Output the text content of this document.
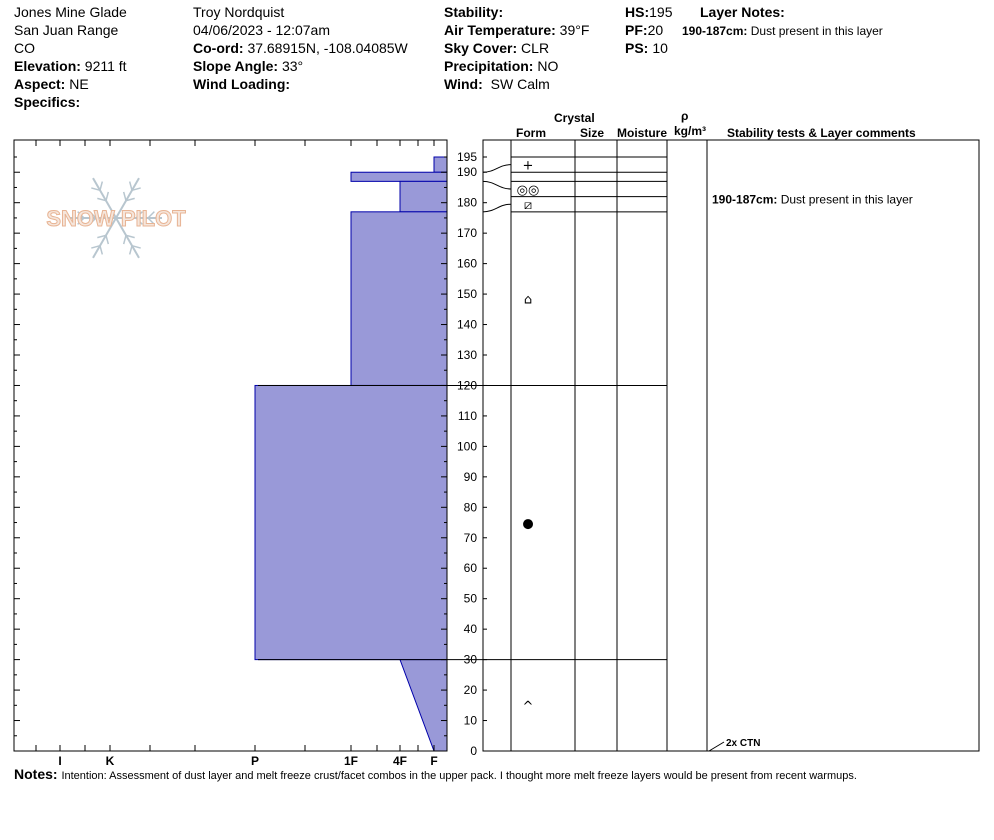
Jones Mine Glade
San Juan Range
CO
Elevation: 9211 ft
Aspect: NE
Specifics:
Troy Nordquist
04/06/2023 - 12:07am
Co-ord: 37.68915N, -108.04085W
Slope Angle: 33°
Wind Loading:
Stability:
Air Temperature: 39°F
Sky Cover: CLR
Precipitation: NO
Wind: SW Calm
HS:195
PF:20
PS: 10
Layer Notes:
190-187cm: Dust present in this layer
Crystal
Form	Size Moisture
ρ
kg/m³ Stability tests & Layer comments
SNOW PILOT
0
10
20
30
40
50
60
70
80
90
100
110
120
130
140
150
160
170
180
190
195
I	K	P	1F	4F F
+
◎◎
⧄
⌂
●
^
190-187cm: Dust present in this layer
2x CTN
Notes: Intention: Assessment of dust layer and melt freeze crust/facet combos in the upper pack. I thought more melt freeze layers would be present from recent warmups.
